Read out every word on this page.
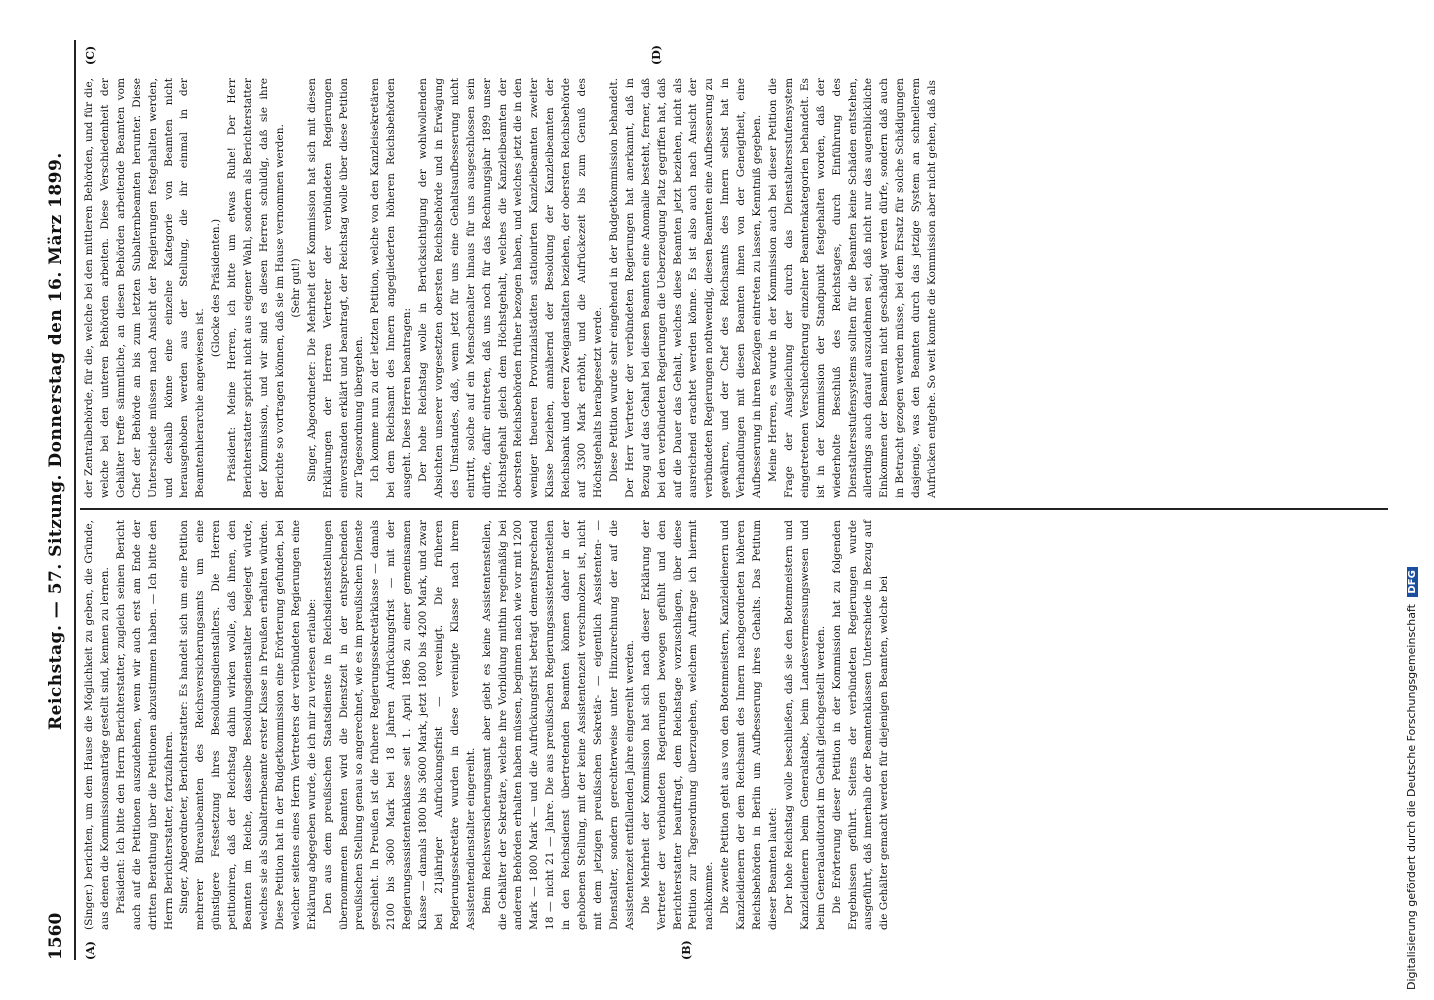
1560
Reichstag. — 57. Sitzung. Donnerstag den 16. März 1899.
(A)	(B)
(C)	(D)

(Singer.) berichten, um dem Hause die Möglichkeit zu geben, die Gründe, aus denen die Kommissionsanträge gestellt sind, kennen zu lernen. Präsident: Ich bitte den Herrn Berichterstatter, zugleich seinen Bericht auch auf die Petitionen auszudehnen, wenn wir auch erst am Ende der dritten Berathung über die Petitionen abzustimmen haben. — Ich bitte den Herrn Berichterstatter, fortzufahren. Singer, Abgeordneter, Berichterstatter: Es handelt sich um eine Petition mehrerer Büreaubeamten des Reichsversicherungsamts um eine günstigere Festsetzung ihres Besoldungsdienstalters. Die Herren petitioniren, daß der Reichstag dahin wirken wolle, daß ihnen, den Beamten im Reiche, dasselbe Besoldungsdienstalter beigelegt würde, welches sie als Subalternbeamte erster Klasse in Preußen erhalten würden. Diese Petition hat in der Budgetkommission eine Erörterung gefunden, bei welcher seitens eines Herrn Vertreters der verbündeten Regierungen eine Erklärung abgegeben wurde, die ich mir zu verlesen erlaube: Den aus dem preußischen Staatsdienste in Reichsdienststellungen übernommenen Beamten wird die Dienstzeit in der entsprechenden preußischen Stellung genau so angerechnet, wie es im preußischen Dienste geschieht. In Preußen ist die frühere Regierungssekretärklasse — damals 2100 bis 3600 Mark bei 18 Jahren Aufrückungsfrist — mit der Regierungsassistentenklasse seit 1. April 1896 zu einer gemeinsamen Klasse — damals 1800 bis 3600 Mark, jetzt 1800 bis 4200 Mark, und zwar bei 21jähriger Aufrückungsfrist — vereinigt. Die früheren Regierungssekretäre wurden in diese vereinigte Klasse nach ihrem Assistentendienstalter eingereiht. Beim Reichsversicherungsamt aber giebt es keine Assistentenstellen, die Gehälter der Sekretäre, welche ihre Vorbildung mithin regelmäßig bei anderen Behörden erhalten haben müssen, beginnen nach wie vor mit 1200 Mark — 1800 Mark — und die Aufrückungsfrist beträgt dementsprechend 18 — nicht 21 — Jahre. Die aus preußischen Regierungsassistentenstellen in den Reichsdienst übertretenden Beamten können daher in der gehobenen Stellung, mit der keine Assistentenzeit verschmolzen ist, nicht mit dem jetzigen preußischen Sekretär- — eigentlich Assistenten- — Dienstalter, sondern gerechterweise unter Hinzurechnung der auf die Assistentenzeit entfallenden Jahre eingereiht werden. Die Mehrheit der Kommission hat sich nach dieser Erklärung der Vertreter der verbündeten Regierungen bewogen gefühlt und den Berichterstatter beauftragt, dem Reichstage vorzuschlagen, über diese Petition zur Tagesordnung überzugehen, welchem Auftrage ich hiermit nachkomme. Die zweite Petition geht aus von den Botenmeistern, Kanzleidienern und Kanzleidienern der dem Reichsamt des Innern nachgeordneten höheren Reichsbehörden in Berlin um Aufbesserung ihres Gehalts. Das Petitum dieser Beamten lautet: Der hohe Reichstag wolle beschließen, daß sie den Botenmeistern und Kanzleidienern beim Generalstabe, beim Landesvermessungswesen und beim Generalauditoriat im Gehalt gleichgestellt werden. Die Erörterung dieser Petition in der Kommission hat zu folgenden Ergebnissen geführt. Seitens der verbündeten Regierungen wurde ausgeführt, daß innerhalb der Beamtenklassen Unterschiede in Bezug auf die Gehälter gemacht werden für diejenigen Beamten, welche bei

der Zentralbehörde, für die, welche bei den mittleren Behörden, und für die, welche bei den unteren Behörden arbeiten. Diese Verschiedenheit der Gehälter treffe sämmtliche, an diesen Behörden arbeitende Beamten vom Chef der Behörde an bis zum letzten Subalternbeamten herunter. Diese Unterschiede müssen nach Ansicht der Regierungen festgehalten werden, und deshalb könne eine einzelne Kategorie von Beamten nicht herausgehoben werden aus der Stellung, die ihr einmal in der Beamtenhierarchie angewiesen ist.

(Glocke des Präsidenten.) Präsident: Meine Herren, ich bitte um etwas Ruhe! Der Herr Berichterstatter spricht nicht aus eigener Wahl, sondern als Berichterstatter der Kommission, und wir sind es diesen Herren schuldig, daß sie ihre Berichte so vortragen können, daß sie im Hause vernommen werden. (Sehr gut!) Singer, Abgeordneter: Die Mehrheit der Kommission hat sich mit diesen Erklärungen der Herren Vertreter der verbündeten Regierungen einverstanden erklärt und beantragt, der Reichstag wolle über diese Petition zur Tagesordnung übergehen. Ich komme nun zu der letzten Petition, welche von den Kanzleisekretären bei dem Reichsamt des Innern angegliederten höheren Reichsbehörden ausgeht. Diese Herren beantragen: Der hohe Reichstag wolle in Berücksichtigung der wohlwollenden Absichten unserer vorgesetzten obersten Reichsbehörde und in Erwägung des Umstandes, daß, wenn jetzt für uns eine Gehaltsaufbesserung nicht eintritt, solche auf ein Menschenalter hinaus für uns ausgeschlossen sein dürfte, dafür eintreten, daß uns noch für das Rechnungsjahr 1899 unser Höchstgehalt gleich dem Höchstgehalt, welches die Kanzleibeamten der obersten Reichsbehörden früher bezogen haben, und welches jetzt die in den weniger theueren Provinzialstädten stationirten Kanzleibeamten zweiter Klasse beziehen, annähernd der Besoldung der Kanzleibeamten der Reichsbank und deren Zweiganstalten beziehen, der obersten Reichsbehörde auf 3300 Mark erhöht, und die Aufrückezeit bis zum Genuß des Höchstgehalts herabgesetzt werde. Diese Petition wurde sehr eingehend in der Budgetkommission behandelt. Der Herr Vertreter der verbündeten Regierungen hat anerkannt, daß in Bezug auf das Gehalt bei diesen Beamten eine Anomalie besteht, ferner, daß bei den verbündeten Regierungen die Ueberzeugung Platz gegriffen hat, daß auf die Dauer das Gehalt, welches diese Beamten jetzt beziehen, nicht als ausreichend erachtet werden könne. Es ist also auch nach Ansicht der verbündeten Regierungen nothwendig, diesen Beamten eine Aufbesserung zu gewähren, und der Chef des Reichsamts des Innern selbst hat in Verhandlungen mit diesen Beamten ihnen von der Geneigtheit, eine Aufbesserung in ihren Bezügen eintreten zu lassen, Kenntniß gegeben. Meine Herren, es wurde in der Kommission auch bei dieser Petition die Frage der Ausgleichung der durch das Dienstaltersstufensystem eingetretenen Verschlechterung einzelner Beamtenkategorien behandelt. Es ist in der Kommission der Standpunkt festgehalten worden, daß der wiederholte Beschluß des Reichstages, durch Einführung des Dienstaltersstufensystems sollten für die Beamten keine Schäden entstehen, allerdings auch darauf auszudehnen sei, daß nicht nur das augenblickliche Einkommen der Beamten nicht geschädigt werden dürfe, sondern daß auch in Betracht gezogen werden müsse, bei dem Ersatz für solche Schädigungen dasjenige, was den Beamten durch das jetzige System an schnellerem Aufrücken entgehe. So weit konnte die Kommission aber nicht gehen, daß als

Digitalisierung gefördert durch die Deutsche Forschungsgemeinschaft DFG
